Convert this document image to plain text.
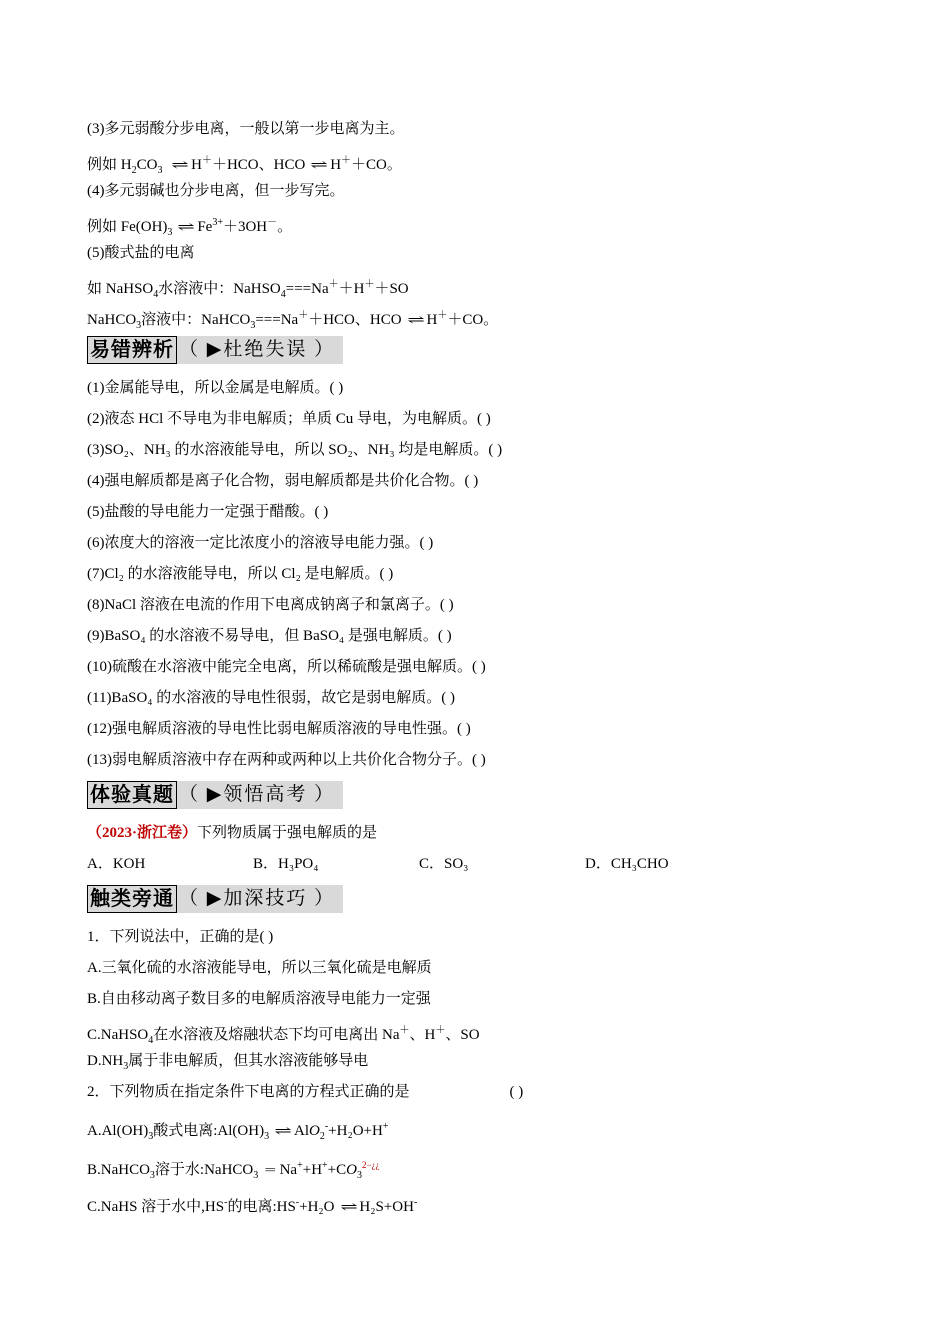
(3)多元弱酸分步电离，一般以第一步电离为主。
例如 $H_2CO_3$ ⇌ H＋＋HCO、HCO ⇌ H＋＋CO。
(4)多元弱碱也分步电离，但一步写完。
例如 $Fe(OH)_3$ ⇌ $Fe^{3+}+3OH^-$。
(5)酸式盐的电离
如 NaHSO$_4$水溶液中：NaHSO$_4$===Na＋＋H＋＋SO
NaHCO$_3$溶液中：NaHCO$_3$===Na＋＋HCO、HCO ⇌ H＋＋CO。
易错辨析 （ ▶杜绝失误 ）
(1)金属能导电，所以金属是电解质。( )
(2)液态 HCl 不导电为非电解质；单质 Cu 导电，为电解质。( )
(3)SO₂、NH₃ 的水溶液能导电，所以 SO₂、NH₃ 均是电解质。( )
(4)强电解质都是离子化合物，弱电解质都是共价化合物。( )
(5)盐酸的导电能力一定强于醋酸。( )
(6)浓度大的溶液一定比浓度小的溶液导电能力强。( )
(7)Cl₂ 的水溶液能导电，所以 Cl₂ 是电解质。( )
(8)NaCl 溶液在电流的作用下电离成钠离子和氯离子。( )
(9)BaSO₄ 的水溶液不易导电，但 BaSO₄ 是强电解质。( )
(10)硫酸在水溶液中能完全电离，所以稀硫酸是强电解质。( )
(11)BaSO₄ 的水溶液的导电性很弱，故它是弱电解质。( )
(12)强电解质溶液的导电性比弱电解质溶液的导电性强。( )
(13)弱电解质溶液中存在两种或两种以上共价化合物分子。( )
体验真题 （ ▶领悟高考 ）
（2023·浙江卷）下列物质属于强电解质的是
A．KOH	B．H₃PO₄	C．SO₃	D．CH₃CHO
触类旁通 （ ▶加深技巧 ）
1．下列说法中，正确的是( )
A.三氧化硫的水溶液能导电，所以三氧化硫是电解质
B.自由移动离子数目多的电解质溶液导电能力一定强
C.NaHSO$_4$在水溶液及熔融状态下均可电离出 Na＋、H＋、SO
$D.NH_3$属于非电解质，但其水溶液能够导电
2．下列物质在指定条件下电离的方程式正确的是	( )
$A.Al(OH)_3$酸式电离$:Al(OH)_3$ ⇌ AlO$_2$-+H₂O+H+
B.NaHCO$_3$溶于水:NaHCO$_3$ = $Na^++H^++CO_3^{2-¿¿}$
C.NaHS 溶于水中,HS-的电离:HS-+H₂O ⇌ H₂S+OH-
